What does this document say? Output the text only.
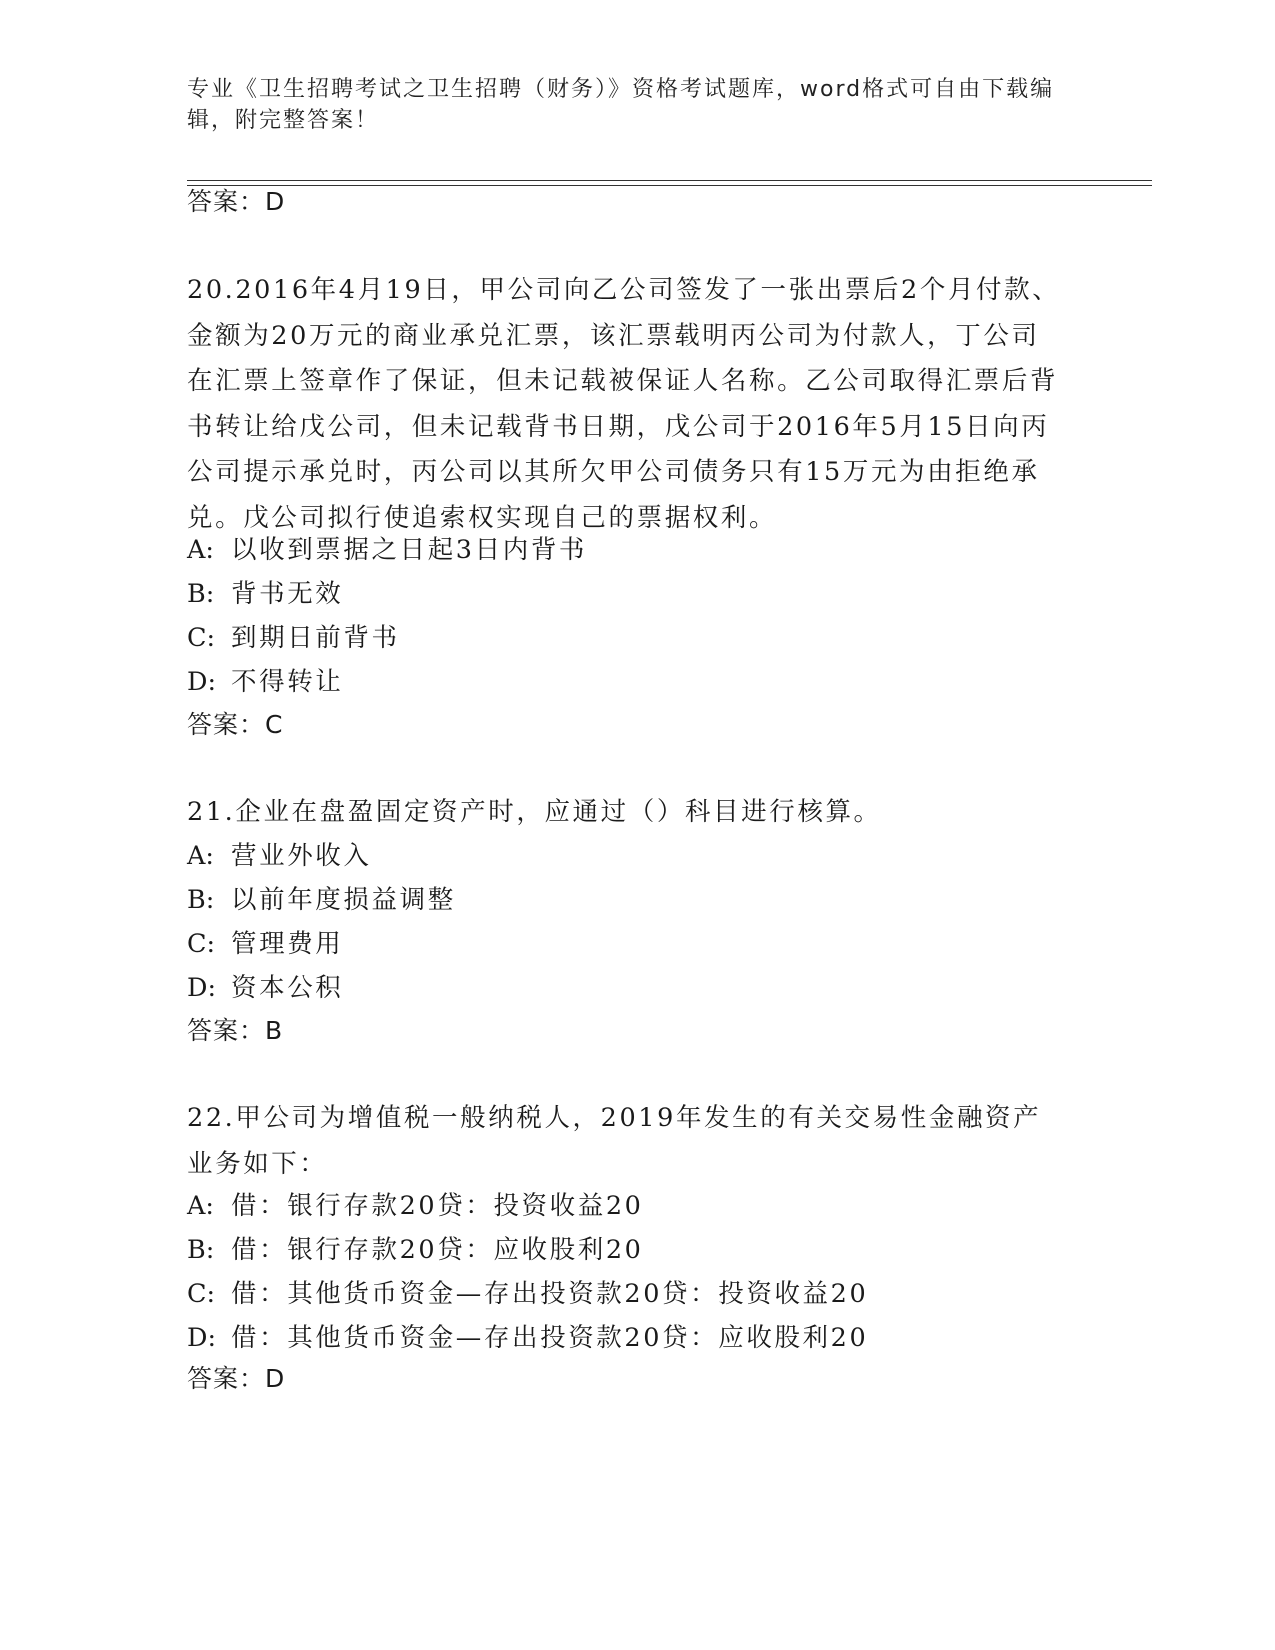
专业《卫生招聘考试之卫生招聘（财务）》资格考试题库，word格式可自由下载编辑，附完整答案！
答案：D
20.2016年4月19日，甲公司向乙公司签发了一张出票后2个月付款、金额为20万元的商业承兑汇票，该汇票载明丙公司为付款人，丁公司在汇票上签章作了保证，但未记载被保证人名称。乙公司取得汇票后背书转让给戊公司，但未记载背书日期，戊公司于2016年5月15日向丙公司提示承兑时，丙公司以其所欠甲公司债务只有15万元为由拒绝承兑。戊公司拟行使追索权实现自己的票据权利。
A: 以收到票据之日起3日内背书
B: 背书无效
C: 到期日前背书
D: 不得转让
答案：C
21.企业在盘盈固定资产时，应通过（）科目进行核算。
A: 营业外收入
B: 以前年度损益调整
C: 管理费用
D: 资本公积
答案：B
22.甲公司为增值税一般纳税人，2019年发生的有关交易性金融资产业务如下：
A: 借：银行存款20贷：投资收益20
B: 借：银行存款20贷：应收股利20
C: 借：其他货币资金—存出投资款20贷：投资收益20
D: 借：其他货币资金—存出投资款20贷：应收股利20
答案：D
